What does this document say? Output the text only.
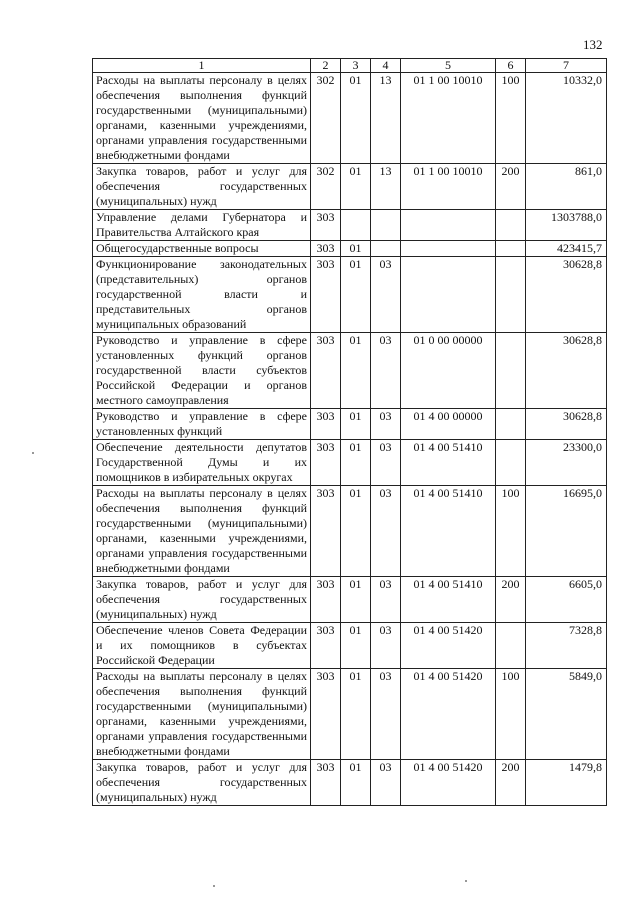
132
1	2	3	4	5	6	7
Расходы на выплаты персоналу в целях обеспечения выполнения функций государственными (муниципальными) органами, казенными учреждениями, органами управления государственными внебюджетными фондами	302	01	13	01 1 00 10010	100	10332,0
Закупка товаров, работ и услуг для обеспечения государственных (муниципальных) нужд	302	01	13	01 1 00 10010	200	861,0
Управление делами Губернатора и Правительства Алтайского края	303					1303788,0
Общегосударственные вопросы	303	01				423415,7
Функционирование законодательных (представительных) органов государственной власти и представительных органов муниципальных образований	303	01	03			30628,8
Руководство и управление в сфере установленных функций органов государственной власти субъектов Российской Федерации и органов местного самоуправления	303	01	03	01 0 00 00000		30628,8
Руководство и управление в сфере установленных функций	303	01	03	01 4 00 00000		30628,8
Обеспечение деятельности депутатов Государственной Думы и их помощников в избирательных округах	303	01	03	01 4 00 51410		23300,0
Расходы на выплаты персоналу в целях обеспечения выполнения функций государственными (муниципальными) органами, казенными учреждениями, органами управления государственными внебюджетными фондами	303	01	03	01 4 00 51410	100	16695,0
Закупка товаров, работ и услуг для обеспечения государственных (муниципальных) нужд	303	01	03	01 4 00 51410	200	6605,0
Обеспечение членов Совета Федерации и их помощников в субъектах Российской Федерации	303	01	03	01 4 00 51420		7328,8
Расходы на выплаты персоналу в целях обеспечения выполнения функций государственными (муниципальными) органами, казенными учреждениями, органами управления государственными внебюджетными фондами	303	01	03	01 4 00 51420	100	5849,0
Закупка товаров, работ и услуг для обеспечения государственных (муниципальных) нужд	303	01	03	01 4 00 51420	200	1479,8
